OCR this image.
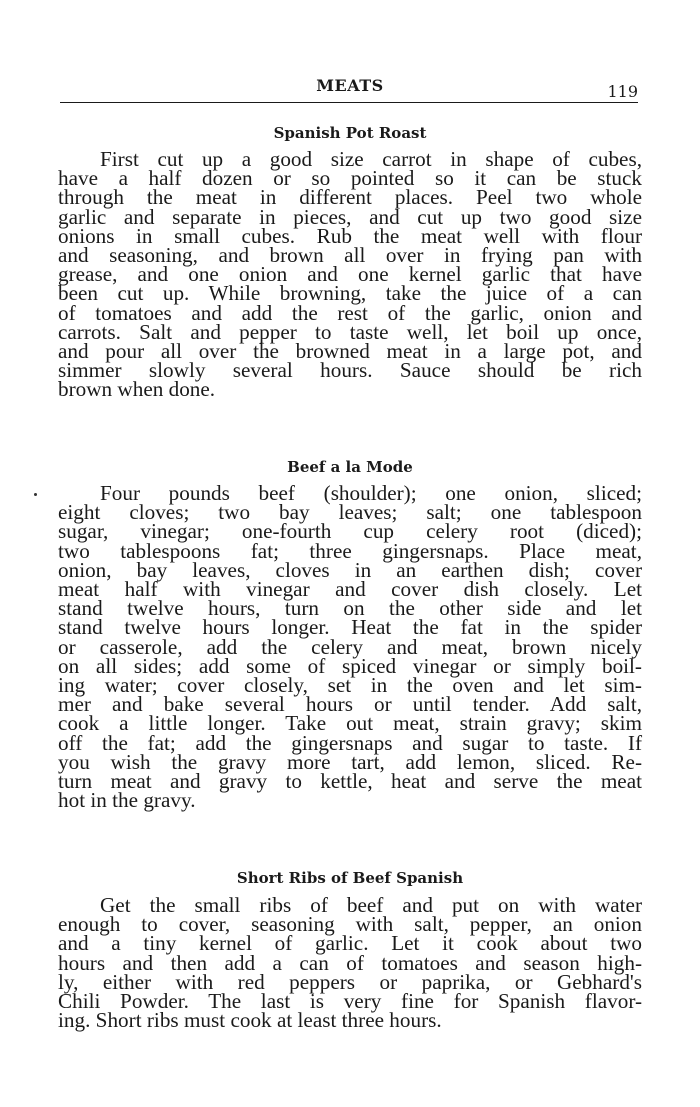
MEATS	119
Spanish Pot Roast
First cut up a good size carrot in shape of cubes,
have a half dozen or so pointed so it can be stuck
through the meat in different places. Peel two whole
garlic and separate in pieces, and cut up two good size
onions in small cubes. Rub the meat well with flour
and seasoning, and brown all over in frying pan with
grease, and one onion and one kernel garlic that have
been cut up. While browning, take the juice of a can
of tomatoes and add the rest of the garlic, onion and
carrots. Salt and pepper to taste well, let boil up once,
and pour all over the browned meat in a large pot, and
simmer slowly several hours. Sauce should be rich
brown when done.
Beef a la Mode
Four pounds beef (shoulder); one onion, sliced;
eight cloves; two bay leaves; salt; one tablespoon
sugar, vinegar; one-fourth cup celery root (diced);
two tablespoons fat; three gingersnaps. Place meat,
onion, bay leaves, cloves in an earthen dish; cover
meat half with vinegar and cover dish closely. Let
stand twelve hours, turn on the other side and let
stand twelve hours longer. Heat the fat in the spider
or casserole, add the celery and meat, brown nicely
on all sides; add some of spiced vinegar or simply boil-
ing water; cover closely, set in the oven and let sim-
mer and bake several hours or until tender. Add salt,
cook a little longer. Take out meat, strain gravy; skim
off the fat; add the gingersnaps and sugar to taste. If
you wish the gravy more tart, add lemon, sliced. Re-
turn meat and gravy to kettle, heat and serve the meat
hot in the gravy.
Short Ribs of Beef Spanish
Get the small ribs of beef and put on with water
enough to cover, seasoning with salt, pepper, an onion
and a tiny kernel of garlic. Let it cook about two
hours and then add a can of tomatoes and season high-
ly, either with red peppers or paprika, or Gebhard's
Chili Powder. The last is very fine for Spanish flavor-
ing. Short ribs must cook at least three hours.
